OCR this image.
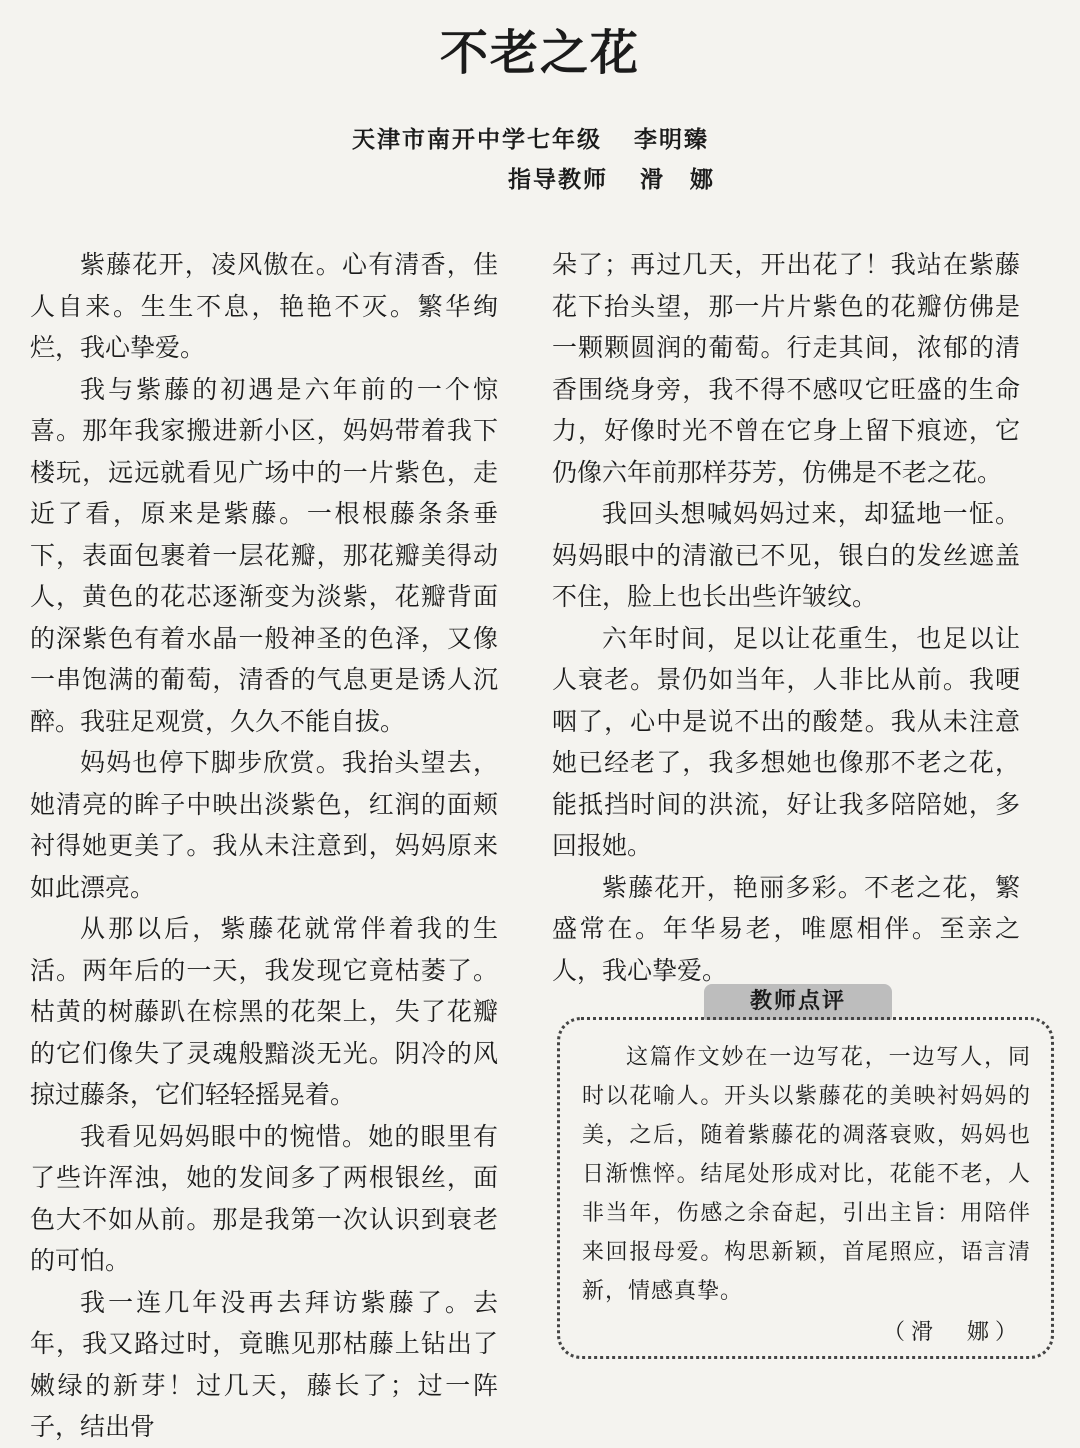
不老之花
天津市南开中学七年级 李明臻
指导教师 滑　娜

紫藤花开，凌风傲在。心有清香，佳人自来。生生不息，艳艳不灭。繁华绚烂，我心挚爱。

我与紫藤的初遇是六年前的一个惊喜。那年我家搬进新小区，妈妈带着我下楼玩，远远就看见广场中的一片紫色，走近了看，原来是紫藤。一根根藤条条垂下，表面包裹着一层花瓣，那花瓣美得动人，黄色的花芯逐渐变为淡紫，花瓣背面的深紫色有着水晶一般神圣的色泽，又像一串饱满的葡萄，清香的气息更是诱人沉醉。我驻足观赏，久久不能自拔。

妈妈也停下脚步欣赏。我抬头望去，她清亮的眸子中映出淡紫色，红润的面颊衬得她更美了。我从未注意到，妈妈原来如此漂亮。

从那以后，紫藤花就常伴着我的生活。两年后的一天，我发现它竟枯萎了。枯黄的树藤趴在棕黑的花架上，失了花瓣的它们像失了灵魂般黯淡无光。阴冷的风掠过藤条，它们轻轻摇晃着。

我看见妈妈眼中的惋惜。她的眼里有了些许浑浊，她的发间多了两根银丝，面色大不如从前。那是我第一次认识到衰老的可怕。

我一连几年没再去拜访紫藤了。去年，我又路过时，竟瞧见那枯藤上钻出了嫩绿的新芽！过几天，藤长了；过一阵子，结出骨

朵了；再过几天，开出花了！我站在紫藤花下抬头望，那一片片紫色的花瓣仿佛是一颗颗圆润的葡萄。行走其间，浓郁的清香围绕身旁，我不得不感叹它旺盛的生命力，好像时光不曾在它身上留下痕迹，它仍像六年前那样芬芳，仿佛是不老之花。

我回头想喊妈妈过来，却猛地一怔。妈妈眼中的清澈已不见，银白的发丝遮盖不住，脸上也长出些许皱纹。

六年时间，足以让花重生，也足以让人衰老。景仍如当年，人非比从前。我哽咽了，心中是说不出的酸楚。我从未注意她已经老了，我多想她也像那不老之花，能抵挡时间的洪流，好让我多陪陪她，多回报她。

紫藤花开，艳丽多彩。不老之花，繁盛常在。年华易老，唯愿相伴。至亲之人，我心挚爱。

教师点评

这篇作文妙在一边写花，一边写人，同时以花喻人。开头以紫藤花的美映衬妈妈的美，之后，随着紫藤花的凋落衰败，妈妈也日渐憔悴。结尾处形成对比，花能不老，人非当年，伤感之余奋起，引出主旨：用陪伴来回报母爱。构思新颖，首尾照应，语言清新，情感真挚。

（滑　娜）
